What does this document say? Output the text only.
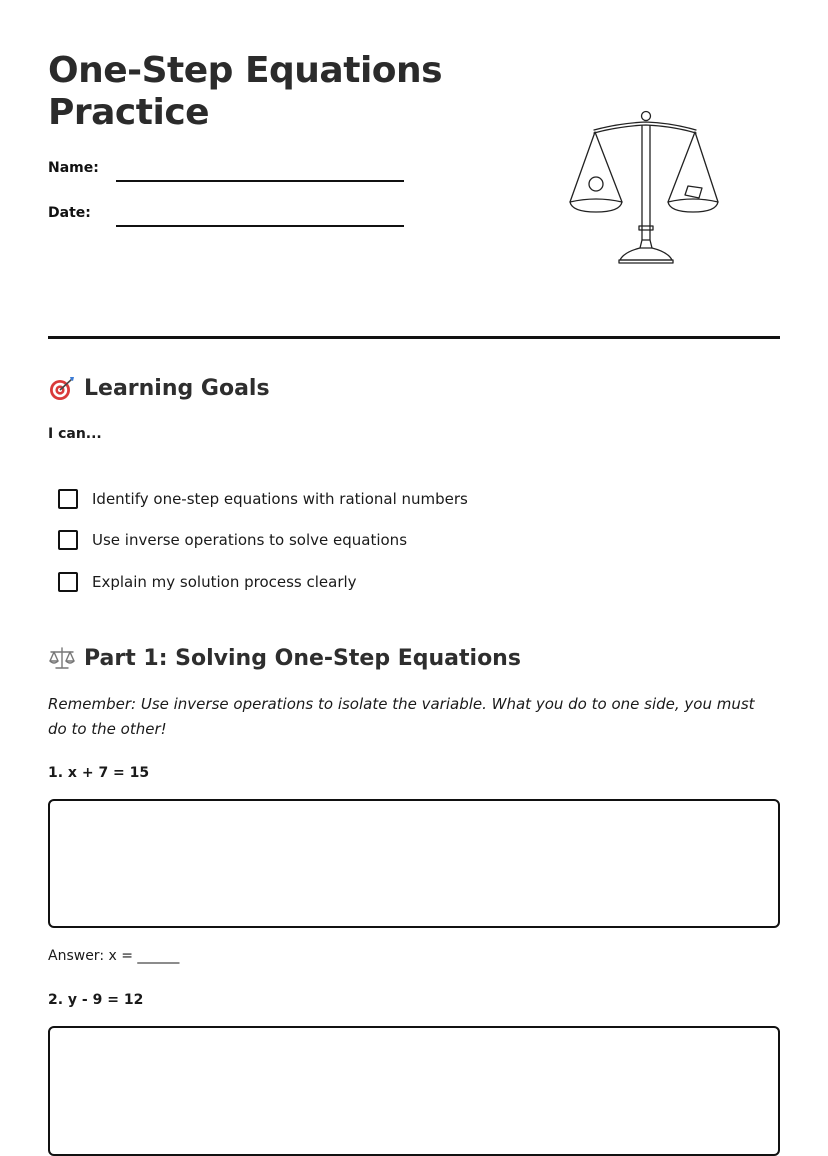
One-Step Equations
Practice
Name:
Date:
Learning Goals
I can...
Identify one-step equations with rational numbers
Use inverse operations to solve equations
Explain my solution process clearly
Part 1: Solving One-Step Equations

Remember: Use inverse operations to isolate the variable. What you do to one side, you must do to the other!

1. x + 7 = 15
Answer: x = ______
2. y - 9 = 12
